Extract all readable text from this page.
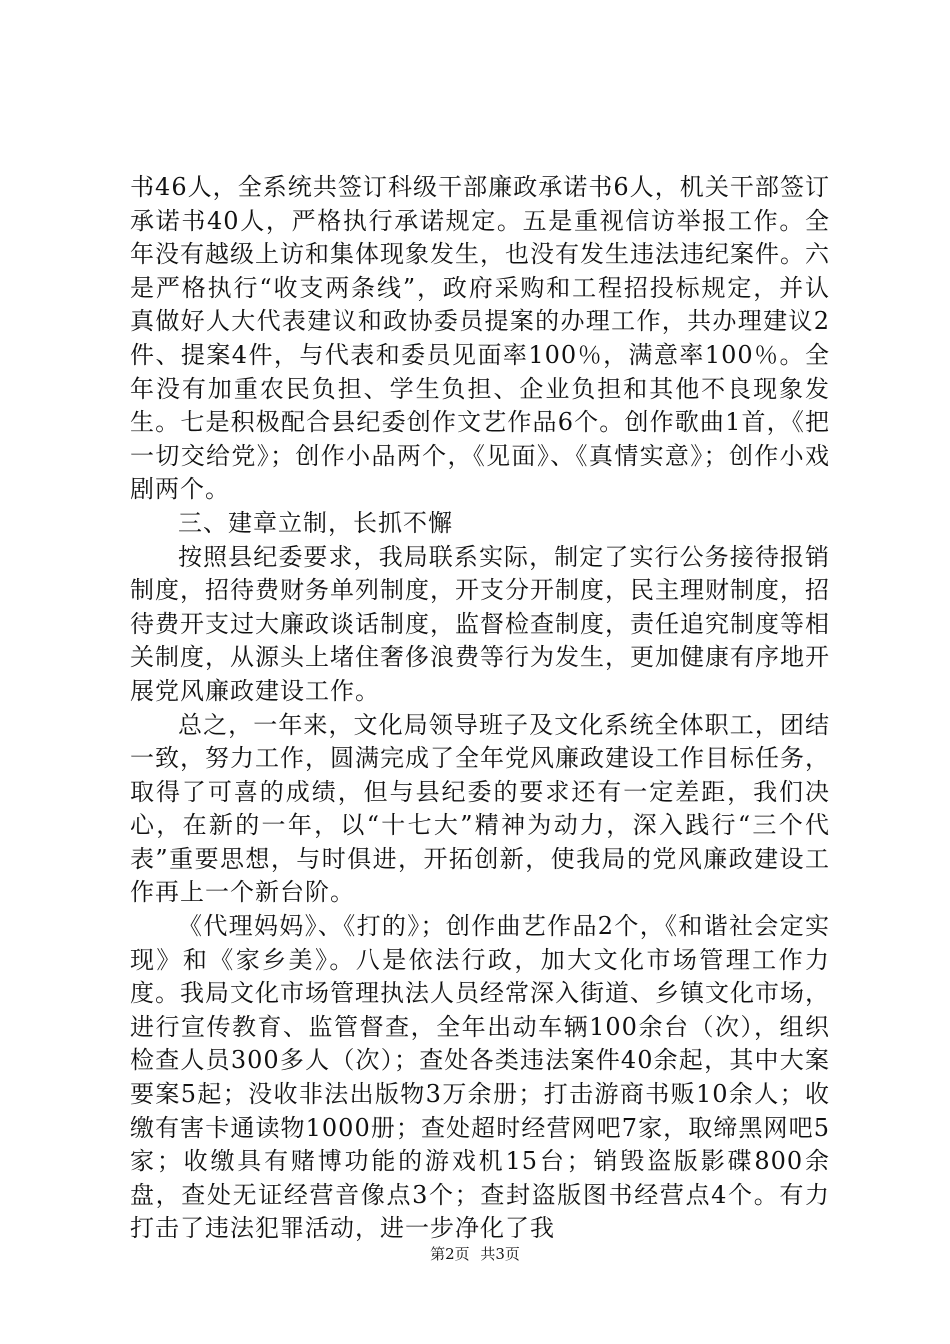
书46人，全系统共签订科级干部廉政承诺书6人，机关干部签订承诺书40人，严格执行承诺规定。五是重视信访举报工作。全年没有越级上访和集体现象发生，也没有发生违法违纪案件。六是严格执行“收支两条线”，政府采购和工程招投标规定，并认真做好人大代表建议和政协委员提案的办理工作，共办理建议2件、提案4件，与代表和委员见面率100％，满意率100％。全年没有加重农民负担、学生负担、企业负担和其他不良现象发生。七是积极配合县纪委创作文艺作品6个。创作歌曲1首，《把一切交给党》；创作小品两个，《见面》、《真情实意》；创作小戏剧两个。

三、建章立制，长抓不懈

按照县纪委要求，我局联系实际，制定了实行公务接待报销制度，招待费财务单列制度，开支分开制度，民主理财制度，招待费开支过大廉政谈话制度，监督检查制度，责任追究制度等相关制度，从源头上堵住奢侈浪费等行为发生，更加健康有序地开展党风廉政建设工作。

总之，一年来，文化局领导班子及文化系统全体职工，团结一致，努力工作，圆满完成了全年党风廉政建设工作目标任务，取得了可喜的成绩，但与县纪委的要求还有一定差距，我们决心，在新的一年，以“十七大”精神为动力，深入践行“三个代表”重要思想，与时俱进，开拓创新，使我局的党风廉政建设工作再上一个新台阶。

《代理妈妈》、《打的》；创作曲艺作品2个，《和谐社会定实现》和《家乡美》。八是依法行政，加大文化市场管理工作力度。我局文化市场管理执法人员经常深入街道、乡镇文化市场，进行宣传教育、监管督查，全年出动车辆100余台（次），组织检查人员300多人（次）；查处各类违法案件40余起，其中大案要案5起；没收非法出版物3万余册；打击游商书贩10余人；收缴有害卡通读物1000册；查处超时经营网吧7家，取缔黑网吧5家；收缴具有赌博功能的游戏机15台；销毁盗版影碟800余盘，查处无证经营音像点3个；查封盗版图书经营点4个。有力打击了违法犯罪活动，进一步净化了我

第2页 共3页
